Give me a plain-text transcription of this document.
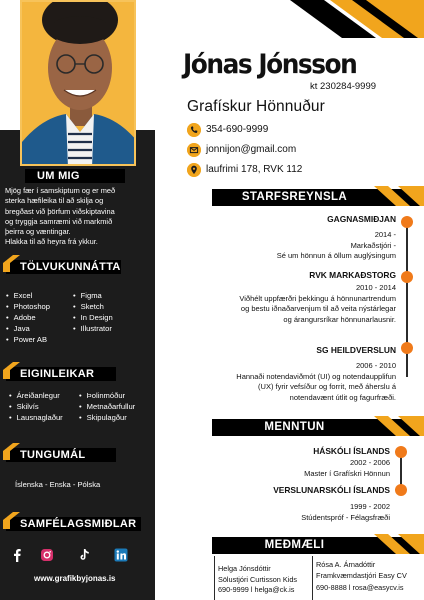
UM MIG
Mjög fær í samskiptum og er með
sterka hæfileika til að skilja og
bregðast við þörfum viðskiptavina
og tryggja samræmi við markmið
þeirra og væntingar.
Hlakka til að heyra frá ykkur.
TÖLVUKUNNÁTTA
• Excel
• Photoshop
• Adobe
• Java
• Power AB
• Figma
• Sketch
• In Design
• Illustrator
EIGINLEIKAR
• Áreiðanlegur
• Skilvís
• Lausnaglaður
• Þolinmóður
• Metnaðarfullur
• Skipulagður
TUNGUMÁL
Íslenska - Enska - Pólska
SAMFÉLAGSMIÐLAR
www.grafikbyjonas.is
Jónas Jónsson
kt 230284-9999
Grafískur Hönnuður
354-690-9999
jonnijon@gmail.com
laufrimi 178, RVK 112
STARFSREYNSLA
GAGNASMIÐJAN
2014 -
Markaðstjóri -
Sé um hönnun á öllum auglýsingum
RVK MARKAÐSTORG
2010 - 2014
Viðhélt uppfærðri þekkingu á hönnunartrendum
og bestu iðnaðarvenjum til að veita nýstárlegar
og árangursríkar hönnunarlausnir.
SG HEILDVERSLUN
2006 - 2010
Hannaði notendaviðmót (UI) og notendaupplifun
(UX) fyrir vefsíður og forrit, með áherslu á
notendavænt útlit og fagurfræði.
MENNTUN
HÁSKÓLI ÍSLANDS
2002 - 2006
Master í Grafískri Hönnun
VERSLUNARSKÓLI ÍSLANDS
1999 - 2002
Stúdentspróf - Félagsfræði
MEÐMÆLI
Helga Jónsdóttir
Sölustjóri Curtisson Kids
690-9999 l helga@ck.is
Rósa A. Árnadóttir
Framkvæmdastjóri Easy CV
690-8888 l rosa@easycv.is
